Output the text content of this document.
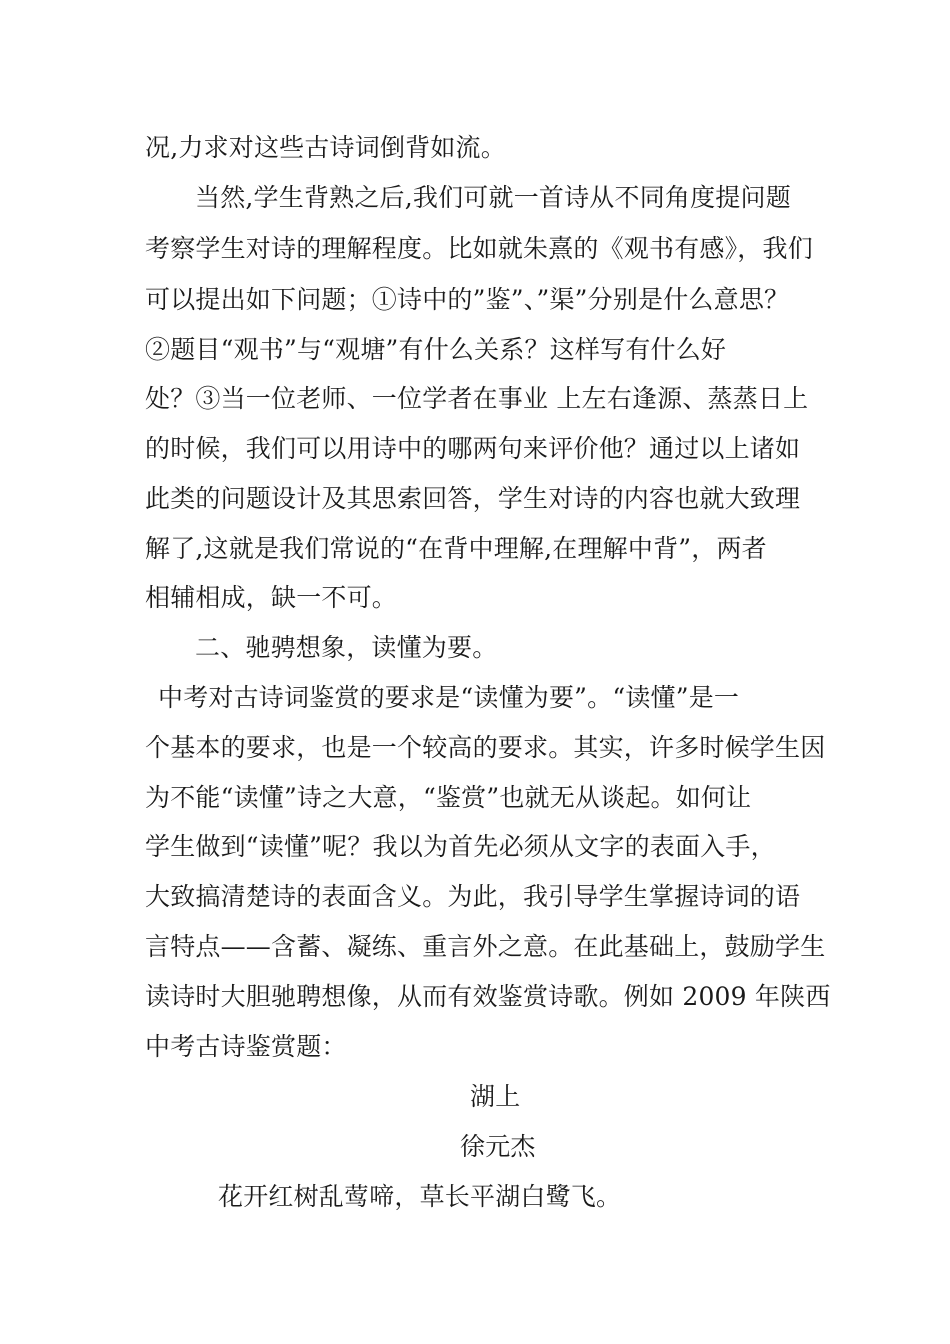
况,力求对这些古诗词倒背如流。
当然,学生背熟之后,我们可就一首诗从不同角度提问题
考察学生对诗的理解程度。比如就朱熹的《观书有感》，我们
可以提出如下问题；①诗中的”鉴”、”渠”分别是什么意思？
②题目“观书”与“观塘”有什么关系？这样写有什么好
处？③当一位老师、一位学者在事业 上左右逢源、蒸蒸日上
的时候，我们可以用诗中的哪两句来评价他？通过以上诸如
此类的问题设计及其思索回答，学生对诗的内容也就大致理
解了,这就是我们常说的“在背中理解,在理解中背”，两者
相辅相成，缺一不可。
二、驰骋想象，读懂为要。
中考对古诗词鉴赏的要求是“读懂为要”。“读懂”是一
个基本的要求，也是一个较高的要求。其实，许多时候学生因
为不能“读懂”诗之大意，“鉴赏”也就无从谈起。如何让
学生做到“读懂”呢？我以为首先必须从文字的表面入手，
大致搞清楚诗的表面含义。为此，我引导学生掌握诗词的语
言特点——含蓄、凝练、重言外之意。在此基础上，鼓励学生
读诗时大胆驰聘想像，从而有效鉴赏诗歌。例如 2009 年陕西
中考古诗鉴赏题：
湖上
徐元杰
花开红树乱莺啼，草长平湖白鹭飞。
